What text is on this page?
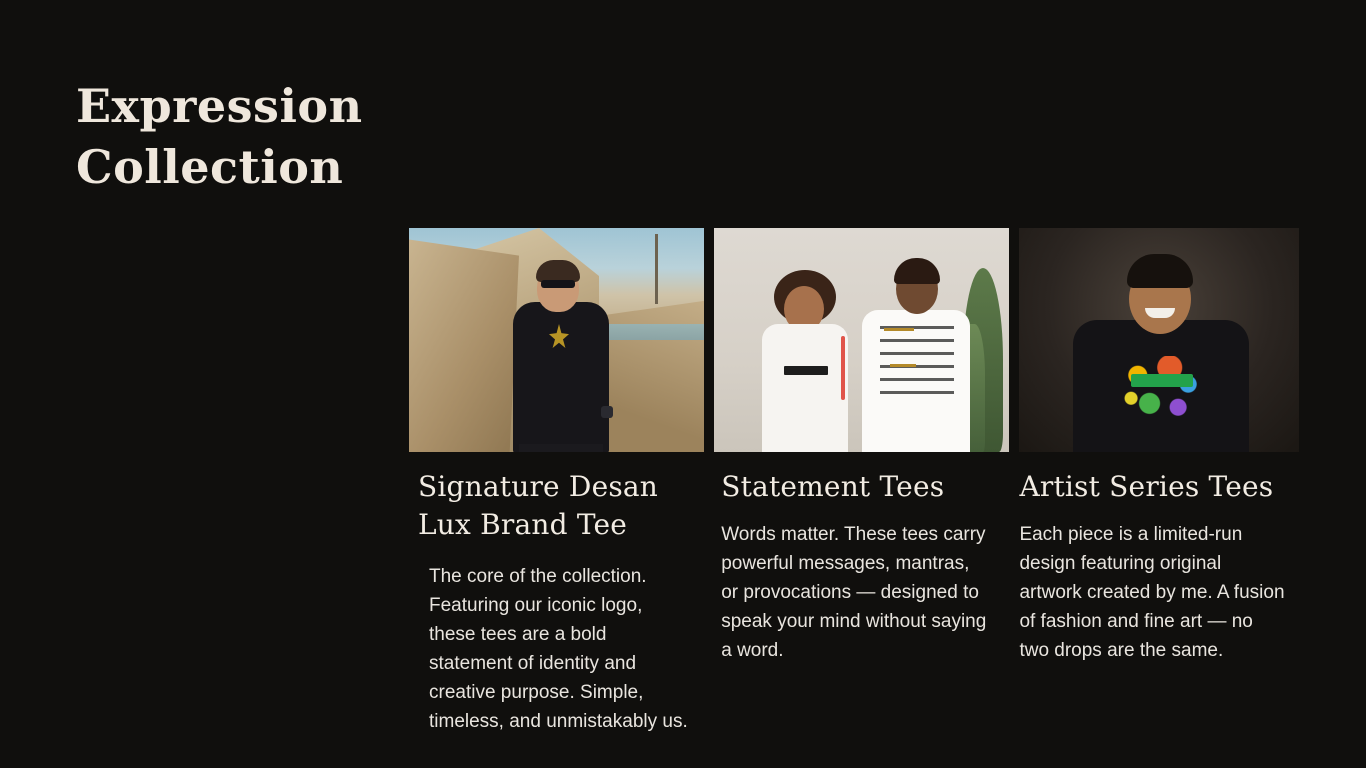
Expression
Collection
Signature Desan Lux Brand Tee
The core of the collection. Featuring our iconic logo, these tees are a bold statement of identity and creative purpose. Simple, timeless, and unmistakably us.
Statement Tees
Words matter. These tees carry powerful messages, mantras, or provocations — designed to speak your mind without saying a word.
Artist Series Tees
Each piece is a limited-run design featuring original artwork created by me. A fusion of fashion and fine art — no two drops are the same.
